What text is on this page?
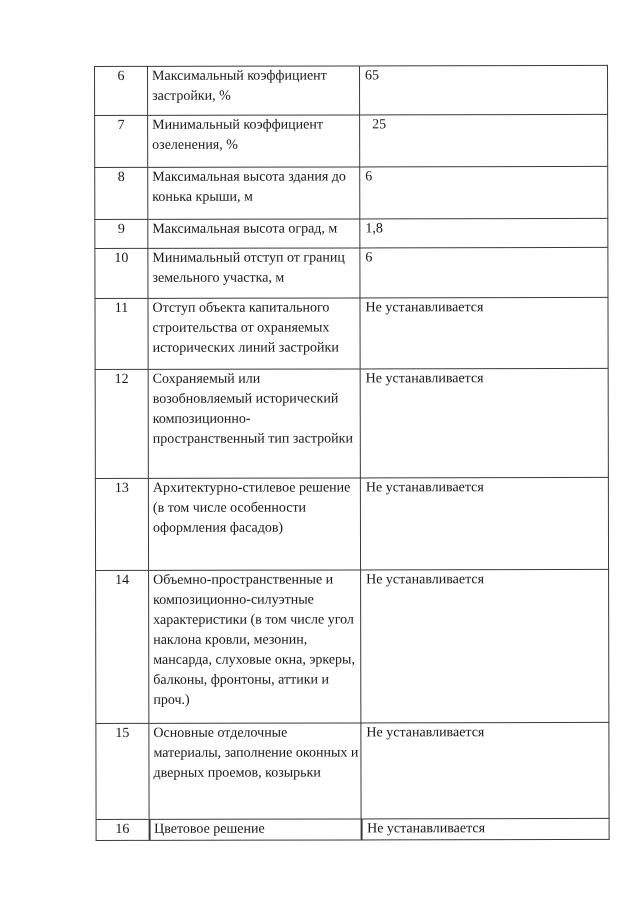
6	Максимальный коэффициент застройки, %	65

7	Минимальный коэффициент озеленения, %	25

8	Максимальная высота здания до конька крыши, м	6

9	Максимальная высота оград, м	1,8

10	Минимальный отступ от границ земельного участка, м	6

11	Отступ объекта капитального строительства от охраняемых исторических линий застройки	Не устанавливается

12	Сохраняемый или возобновляемый исторический композиционно-пространственный тип застройки	Не устанавливается

13	Архитектурно-стилевое решение (в том числе особенности оформления фасадов)	Не устанавливается

14	Объемно-пространственные и композиционно-силуэтные характеристики (в том числе угол наклона кровли, мезонин, мансарда, слуховые окна, эркеры, балконы, фронтоны, аттики и проч.)	Не устанавливается

15	Основные отделочные материалы, заполнение оконных и дверных проемов, козырьки	Не устанавливается

16	Цветовое решение	Не устанавливается
